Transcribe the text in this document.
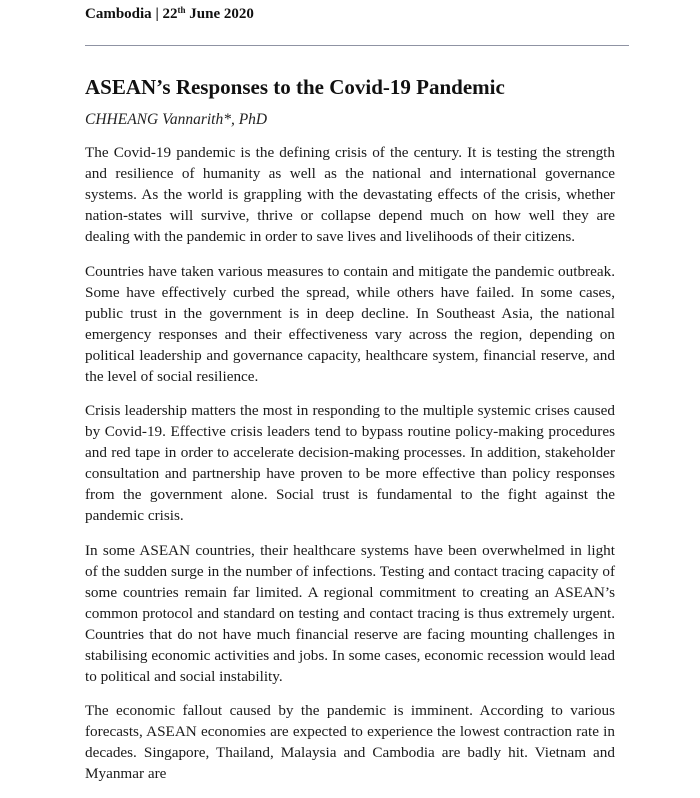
Cambodia | 22th June 2020
ASEAN’s Responses to the Covid-19 Pandemic

CHHEANG Vannarith*, PhD

The Covid-19 pandemic is the defining crisis of the century. It is testing the strength and resilience of humanity as well as the national and international governance systems. As the world is grappling with the devastating effects of the crisis, whether nation-states will survive, thrive or collapse depend much on how well they are dealing with the pandemic in order to save lives and livelihoods of their citizens.

Countries have taken various measures to contain and mitigate the pandemic outbreak. Some have effectively curbed the spread, while others have failed. In some cases, public trust in the government is in deep decline. In Southeast Asia, the national emergency responses and their effectiveness vary across the region, depending on political leadership and governance capacity, healthcare system, financial reserve, and the level of social resilience.

Crisis leadership matters the most in responding to the multiple systemic crises caused by Covid-19. Effective crisis leaders tend to bypass routine policy-making procedures and red tape in order to accelerate decision-making processes. In addition, stakeholder consultation and partnership have proven to be more effective than policy responses from the government alone. Social trust is fundamental to the fight against the pandemic crisis.

In some ASEAN countries, their healthcare systems have been overwhelmed in light of the sudden surge in the number of infections. Testing and contact tracing capacity of some countries remain far limited. A regional commitment to creating an ASEAN’s common protocol and standard on testing and contact tracing is thus extremely urgent. Countries that do not have much financial reserve are facing mounting challenges in stabilising economic activities and jobs. In some cases, economic recession would lead to political and social instability.

The economic fallout caused by the pandemic is imminent. According to various forecasts, ASEAN economies are expected to experience the lowest contraction rate in decades. Singapore, Thailand, Malaysia and Cambodia are badly hit. Vietnam and Myanmar are
